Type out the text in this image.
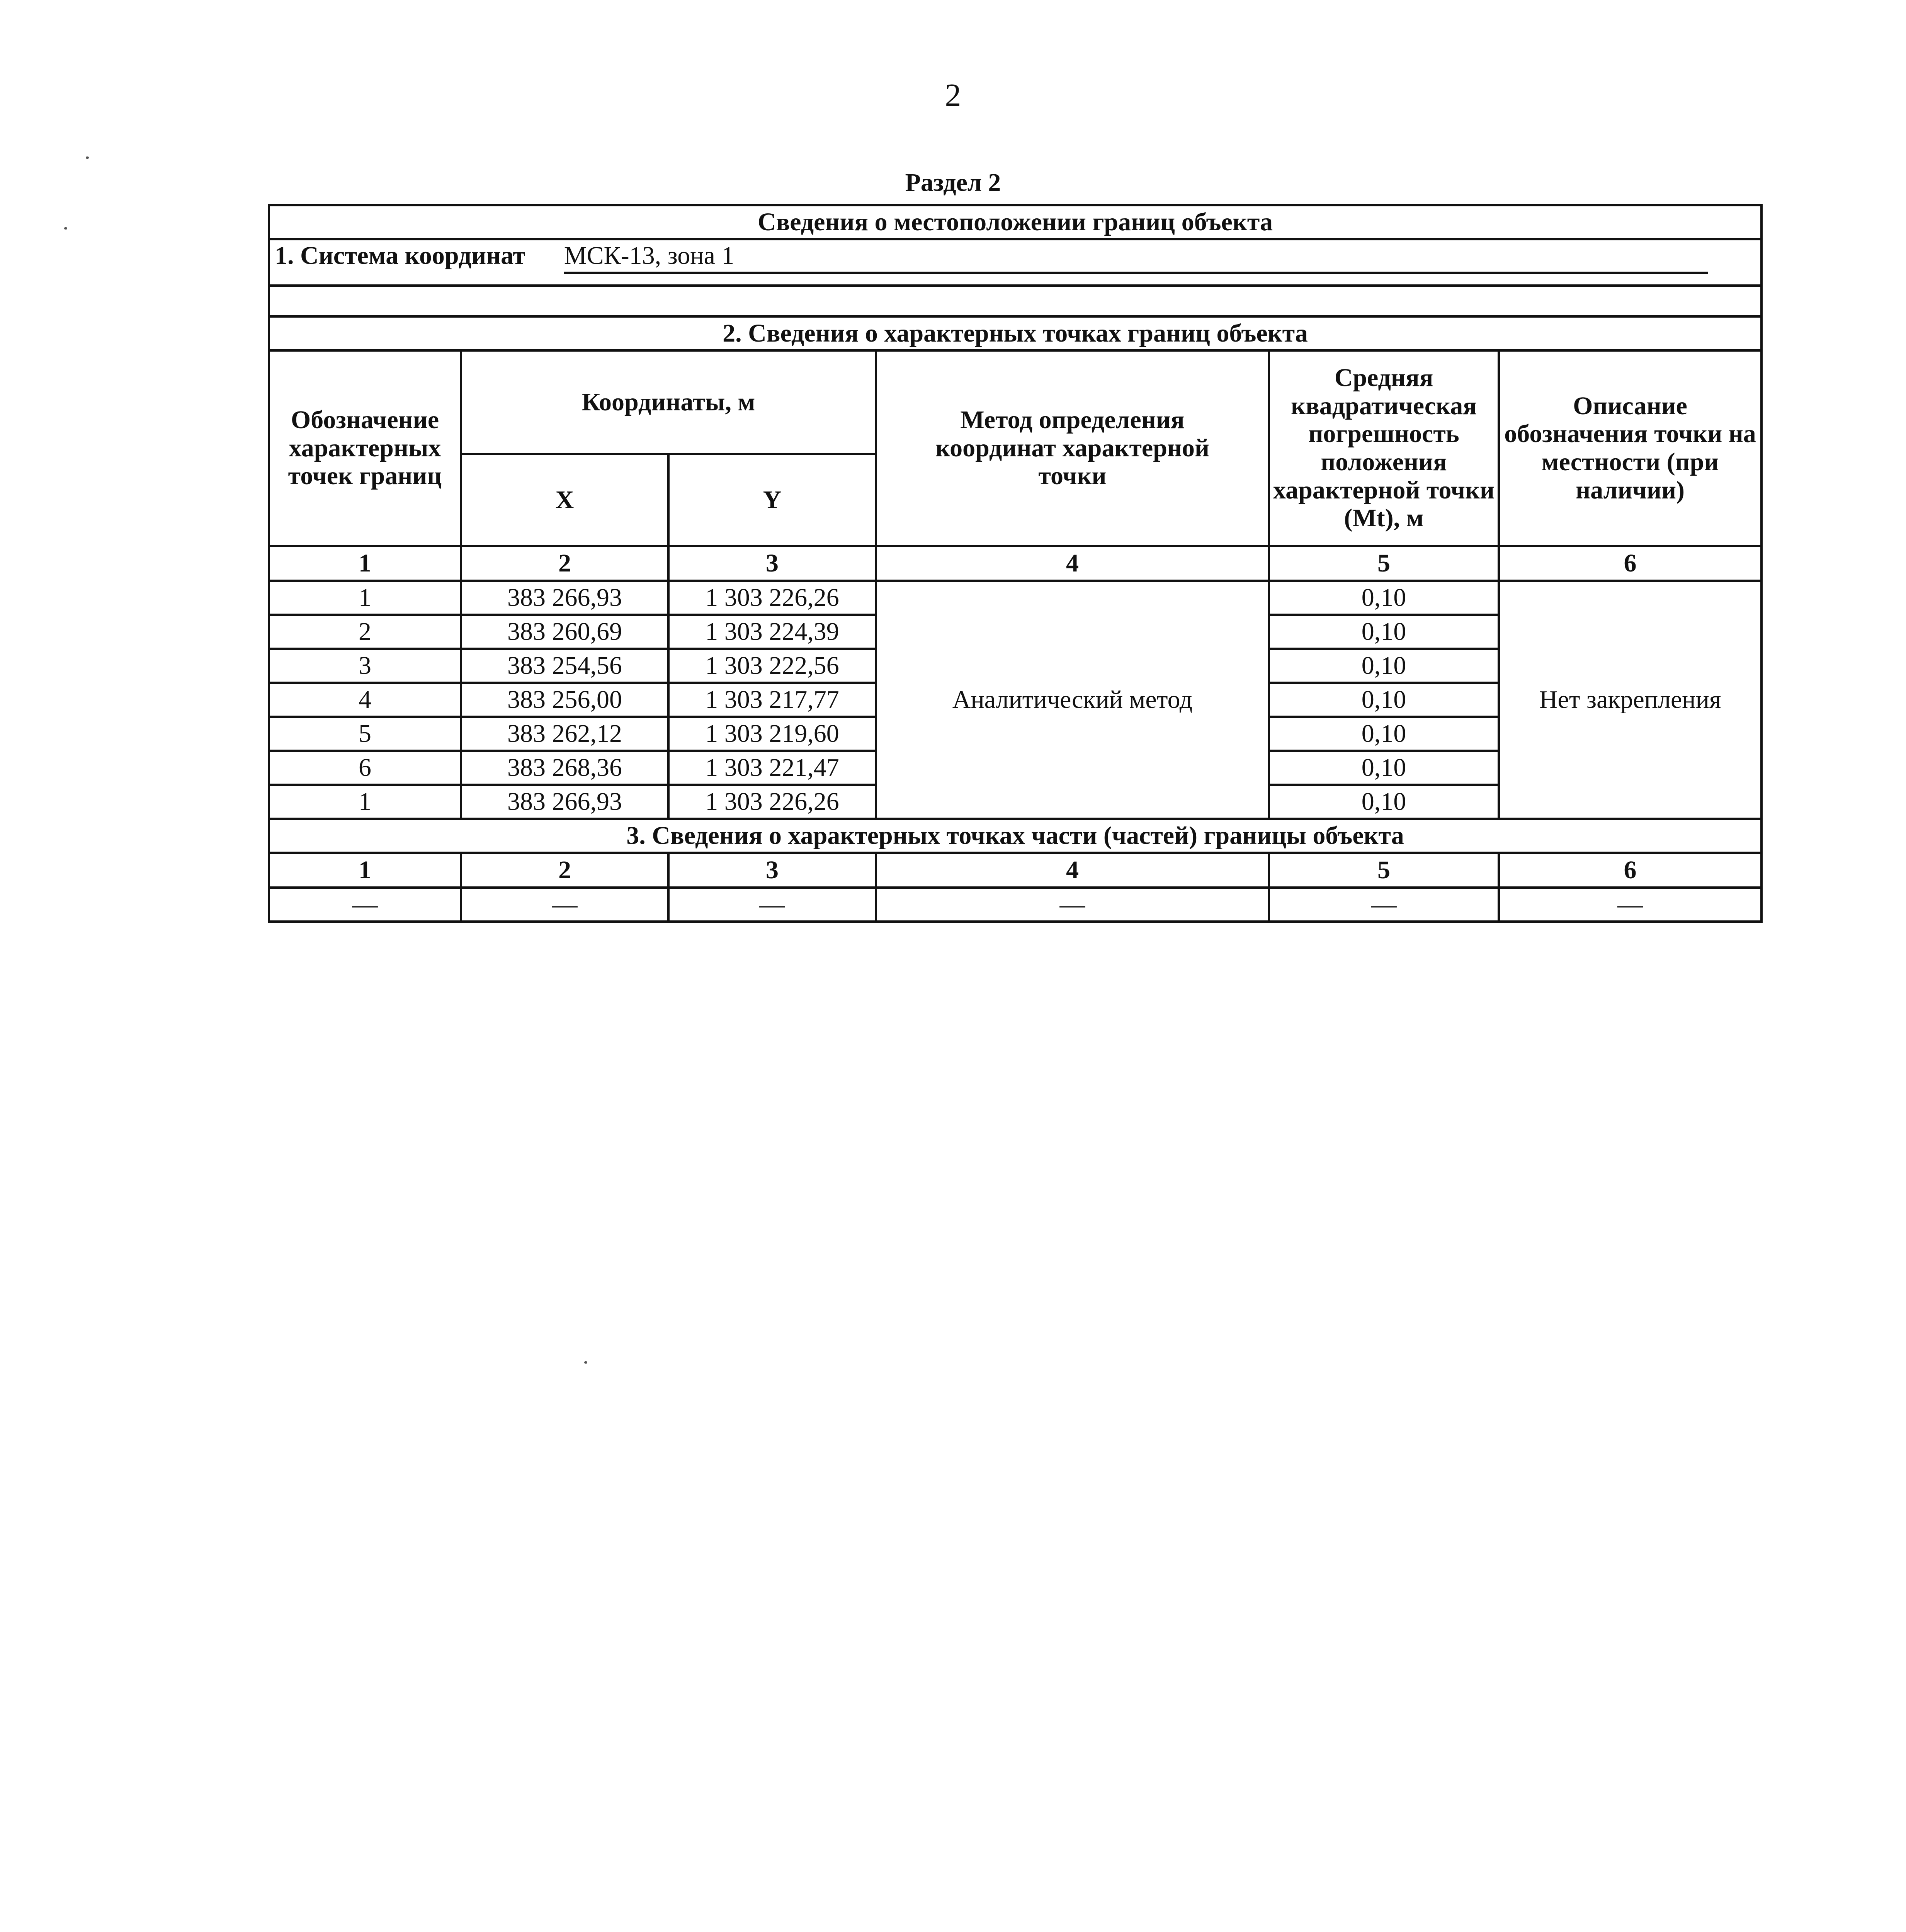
2
Раздел 2
Сведения о местоположении границ объекта					
1. Система координат МСК-13, зона 1					

2. Сведения о характерных точках границ объекта					
Обозначение характерных точек границ	Координаты, м		Метод определения координат характерной точки	Средняя квадратическая погрешность положения характерной точки (Mt), м	Описание обозначения точки на местности (при наличии)
	X	Y			
1	2	3	4	5	6
1	383 266,93	1 303 226,26	Аналитический метод	0,10	Нет закрепления
2	383 260,69	1 303 224,39		0,10	
3	383 254,56	1 303 222,56		0,10	
4	383 256,00	1 303 217,77		0,10	
5	383 262,12	1 303 219,60		0,10	
6	383 268,36	1 303 221,47		0,10	
1	383 266,93	1 303 226,26		0,10	
3. Сведения о характерных точках части (частей) границы объекта					
1	2	3	4	5	6
—	—	—	—	—	—
